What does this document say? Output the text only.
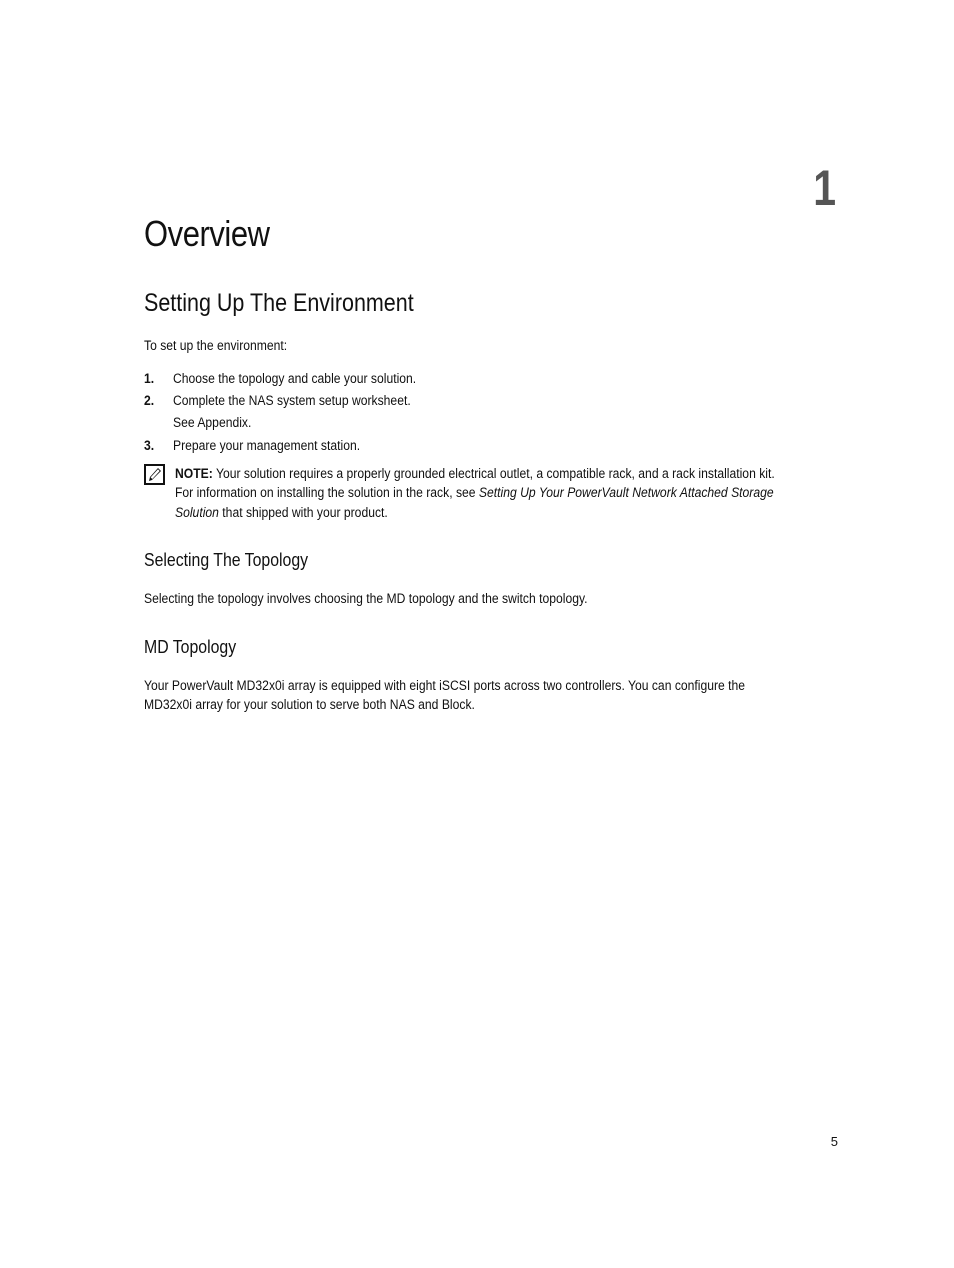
1
Overview
Setting Up The Environment
To set up the environment:
1. Choose the topology and cable your solution.
2. Complete the NAS system setup worksheet.
See Appendix.
3. Prepare your management station.
NOTE: Your solution requires a properly grounded electrical outlet, a compatible rack, and a rack installation kit.
For information on installing the solution in the rack, see Setting Up Your PowerVault Network Attached Storage
Solution that shipped with your product.
Selecting The Topology
Selecting the topology involves choosing the MD topology and the switch topology.
MD Topology
Your PowerVault MD32x0i array is equipped with eight iSCSI ports across two controllers. You can configure the
MD32x0i array for your solution to serve both NAS and Block.
5
